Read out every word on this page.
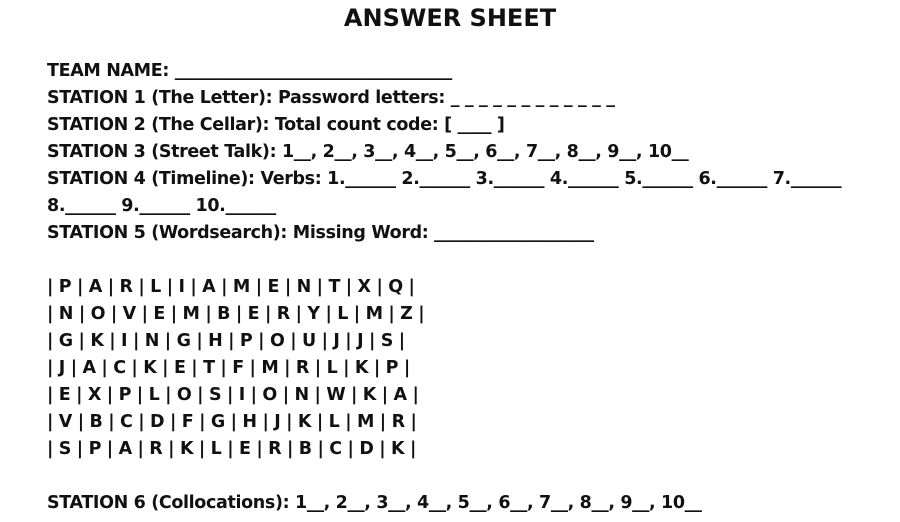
ANSWER SHEET
TEAM NAME: _________________________________
STATION 1 (The Letter): Password letters: _ _ _ _ _ _ _ _ _ _ _ _
STATION 2 (The Cellar): Total count code: [ ____ ]
STATION 3 (Street Talk): 1__, 2__, 3__, 4__, 5__, 6__, 7__, 8__, 9__, 10__
STATION 4 (Timeline): Verbs: 1.______ 2.______ 3.______ 4.______ 5.______ 6.______ 7.______
8.______ 9.______ 10.______
STATION 5 (Wordsearch): Missing Word: ___________________
| P | A | R | L | I | A | M | E | N | T | X | Q |
| N | O | V | E | M | B | E | R | Y | L | M | Z |
| G | K | I | N | G | H | P | O | U | J | J | S |
| J | A | C | K | E | T | F | M | R | L | K | P |
| E | X | P | L | O | S | I | O | N | W | K | A |
| V | B | C | D | F | G | H | J | K | L | M | R |
| S | P | A | R | K | L | E | R | B | C | D | K |
STATION 6 (Collocations): 1__, 2__, 3__, 4__, 5__, 6__, 7__, 8__, 9__, 10__
